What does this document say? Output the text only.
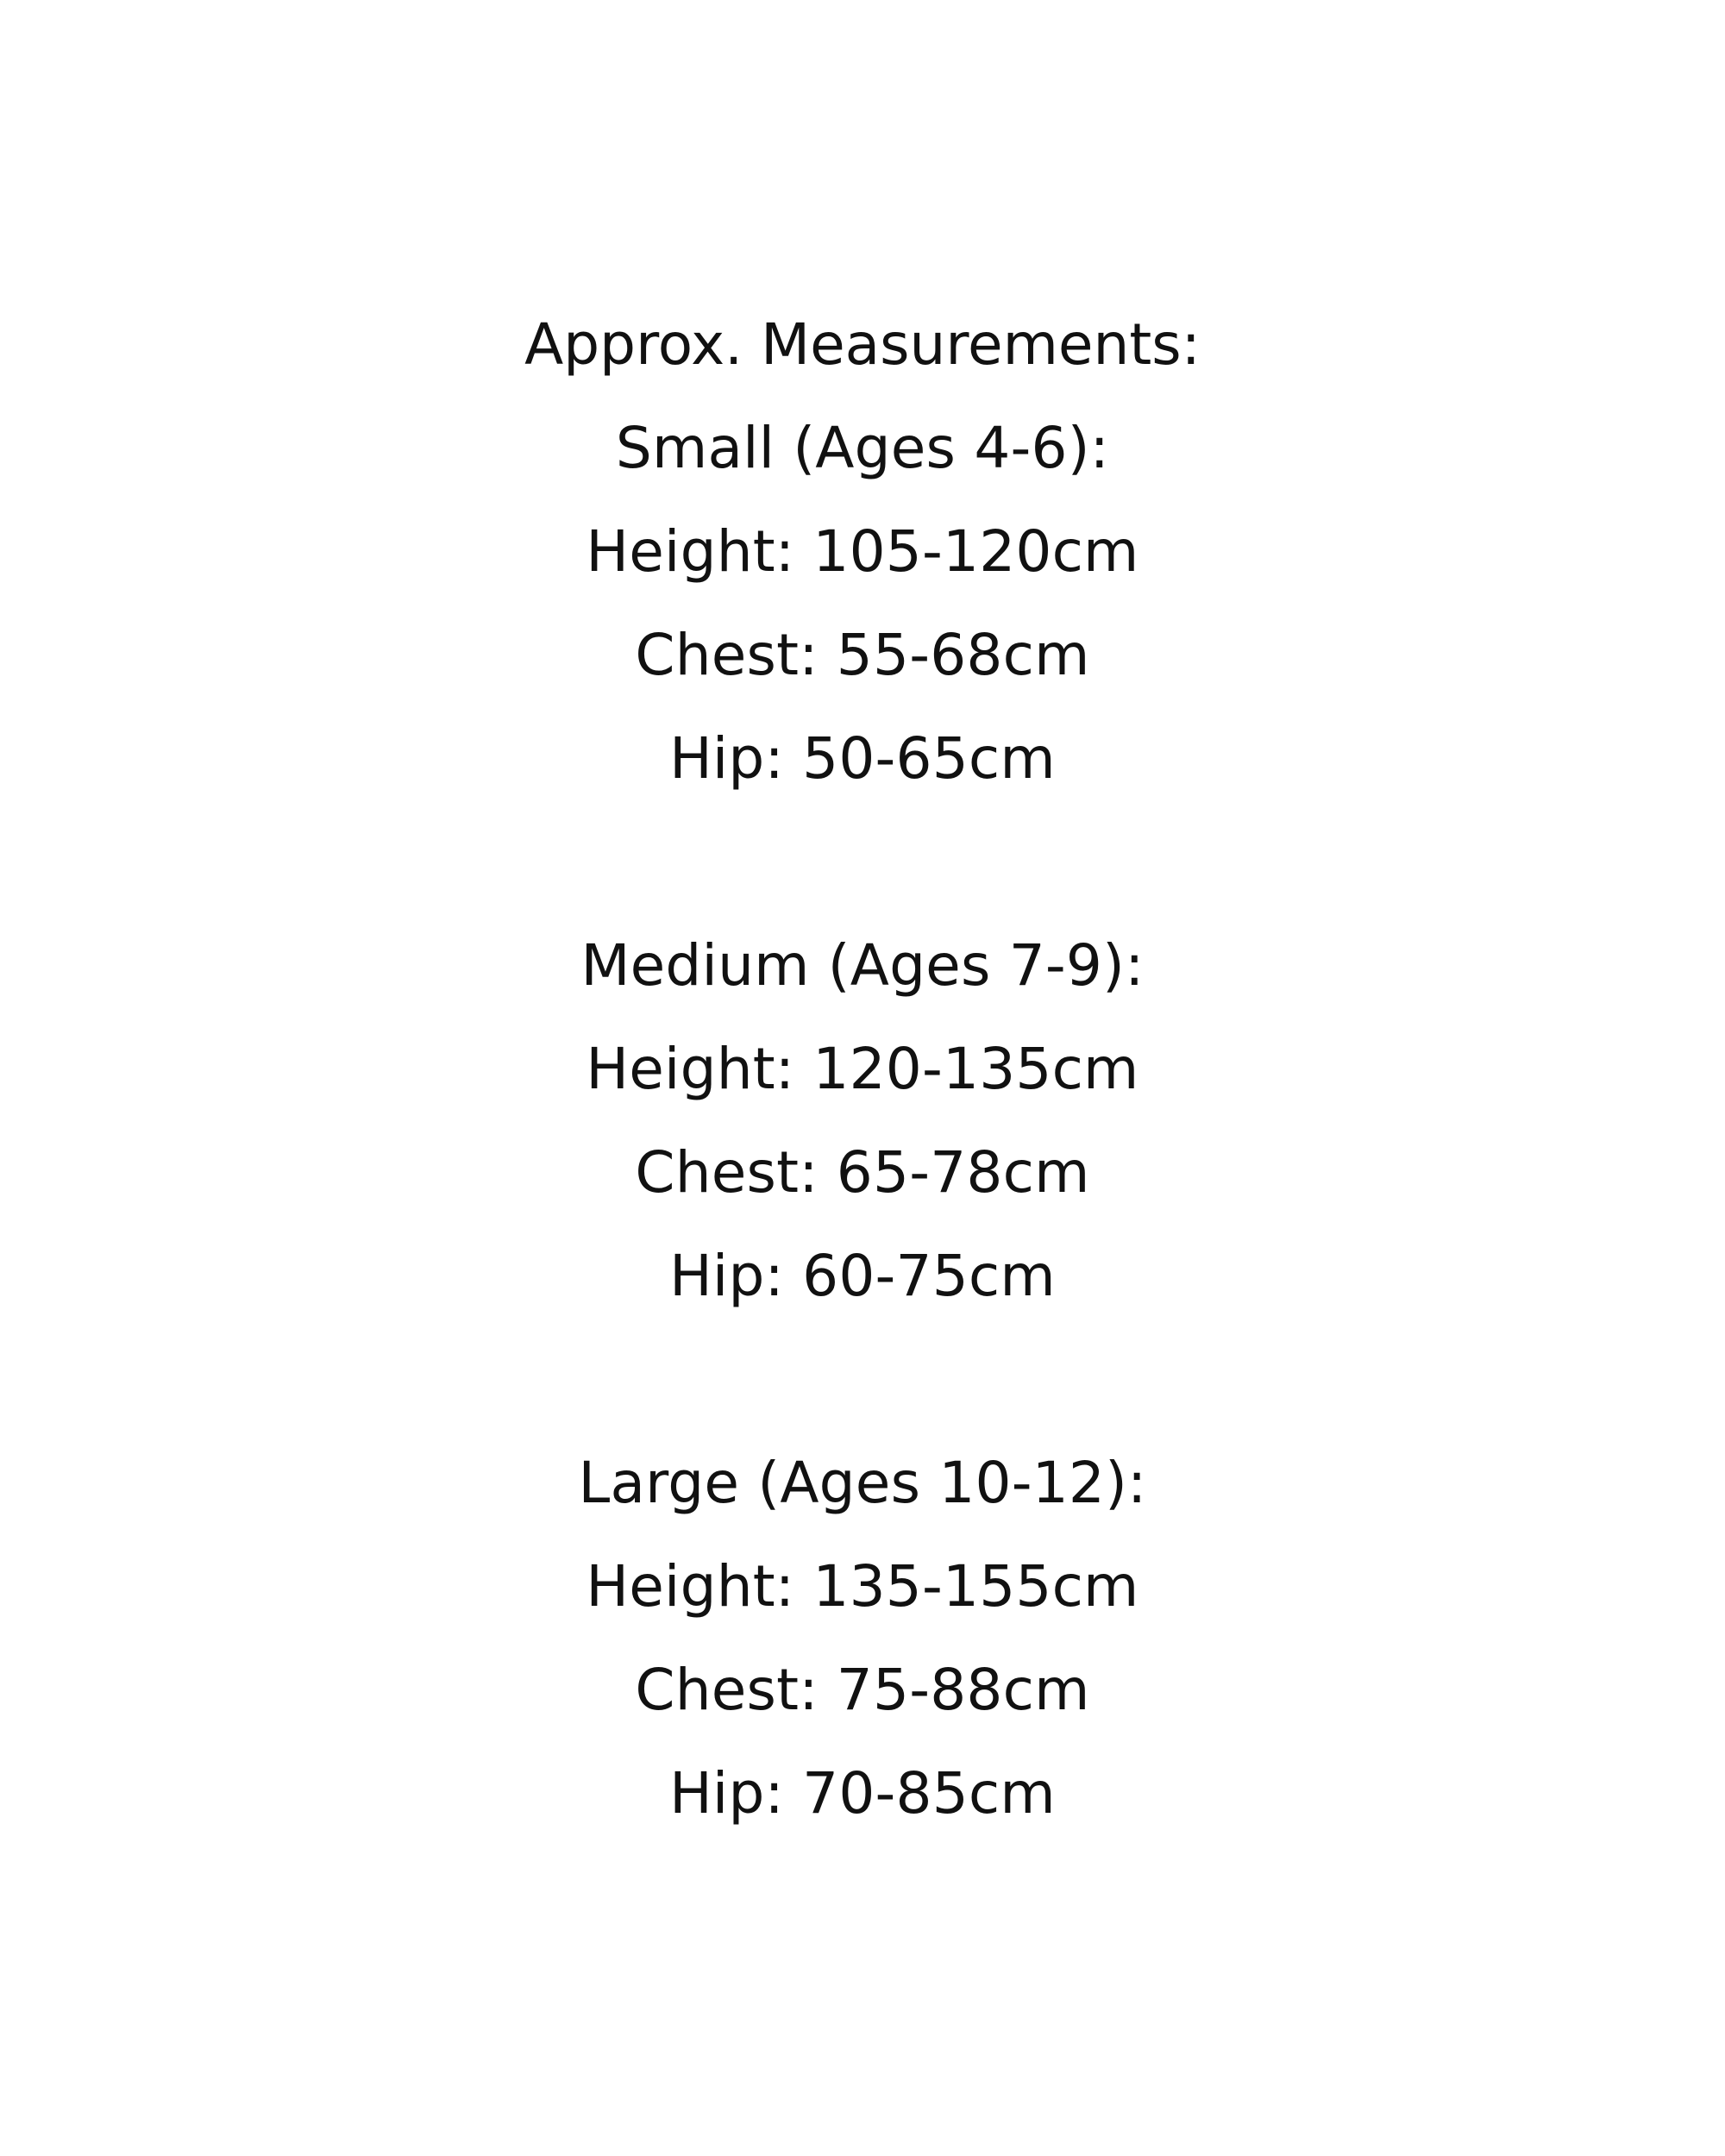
Approx. Measurements:
Small (Ages 4-6):
Height: 105-120cm
Chest: 55-68cm
Hip: 50-65cm
Medium (Ages 7-9):
Height: 120-135cm
Chest: 65-78cm
Hip: 60-75cm
Large (Ages 10-12):
Height: 135-155cm
Chest: 75-88cm
Hip: 70-85cm
